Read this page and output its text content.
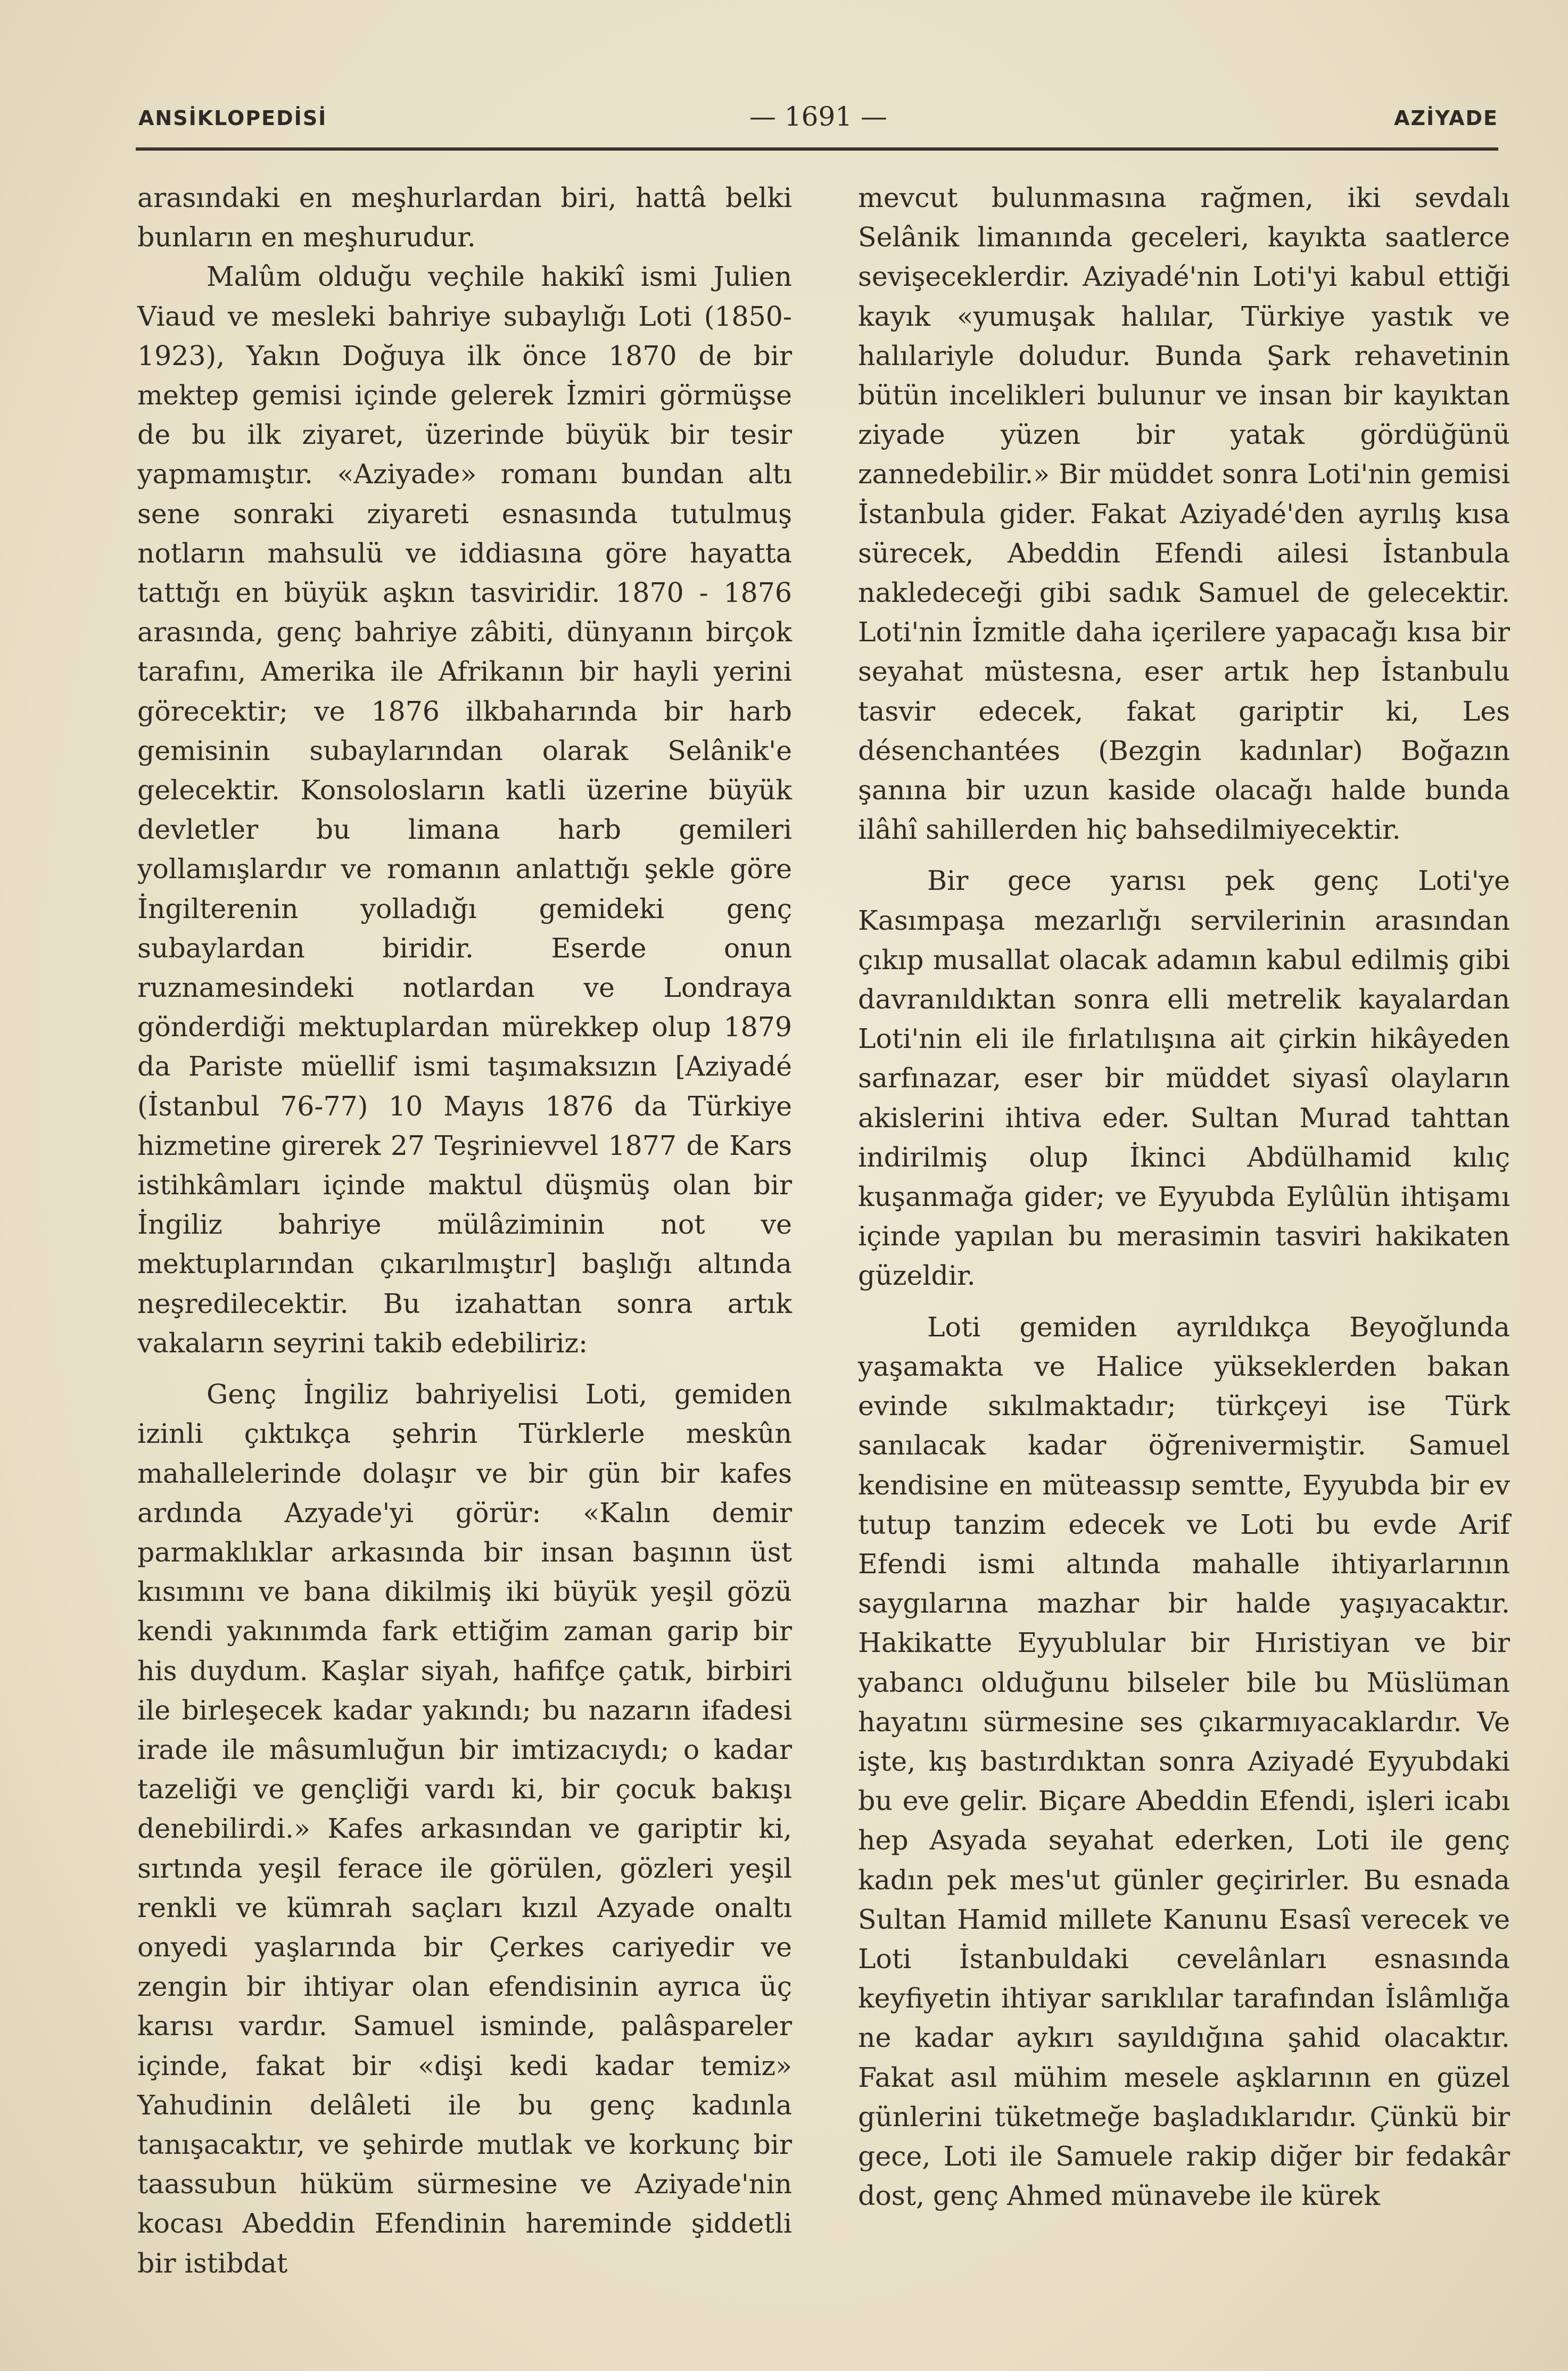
ANSİKLOPEDİSİ	— 1691 —	AZİYADE

arasındaki en meşhurlardan biri, hattâ belki bunların en meşhurudur.

Malûm olduğu veçhile hakikî ismi Julien Viaud ve mesleki bahriye subaylığı Loti (1850-1923), Yakın Doğuya ilk önce 1870 de bir mektep gemisi içinde gelerek İzmiri görmüşse de bu ilk ziyaret, üzerinde büyük bir tesir yapmamıştır. «Aziyade» romanı bundan altı sene sonraki ziyareti esnasında tutulmuş notların mahsulü ve iddiasına göre hayatta tattığı en büyük aşkın tasviridir. 1870 - 1876 arasında, genç bahriye zâbiti, dünyanın birçok tarafını, Amerika ile Afrikanın bir hayli yerini görecektir; ve 1876 ilkbaharında bir harb gemisinin subaylarından olarak Selânik'e gelecektir. Konsolosların katli üzerine büyük devletler bu limana harb gemileri yollamışlardır ve romanın anlattığı şekle göre İngilterenin yolladığı gemideki genç subaylardan biridir. Eserde onun ruznamesindeki notlardan ve Londraya gönderdiği mektuplardan mürekkep olup 1879 da Pariste müellif ismi taşımaksızın [Aziyadé (İstanbul 76-77) 10 Mayıs 1876 da Türkiye hizmetine girerek 27 Teşrinievvel 1877 de Kars istihkâmları içinde maktul düşmüş olan bir İngiliz bahriye mülâziminin not ve mektuplarından çıkarılmıştır] başlığı altında neşredilecektir. Bu izahattan sonra artık vakaların seyrini takib edebiliriz:

Genç İngiliz bahriyelisi Loti, gemiden izinli çıktıkça şehrin Türklerle meskûn mahallelerinde dolaşır ve bir gün bir kafes ardında Azyade'yi görür: «Kalın demir parmaklıklar arkasında bir insan başının üst kısımını ve bana dikilmiş iki büyük yeşil gözü kendi yakınımda fark ettiğim zaman garip bir his duydum. Kaşlar siyah, hafifçe çatık, birbiri ile birleşecek kadar yakındı; bu nazarın ifadesi irade ile mâsumluğun bir imtizacıydı; o kadar tazeliği ve gençliği vardı ki, bir çocuk bakışı denebilirdi.» Kafes arkasından ve gariptir ki, sırtında yeşil ferace ile görülen, gözleri yeşil renkli ve kümrah saçları kızıl Azyade onaltı onyedi yaşlarında bir Çerkes cariyedir ve zengin bir ihtiyar olan efendisinin ayrıca üç karısı vardır. Samuel isminde, palâspareler içinde, fakat bir «dişi kedi kadar temiz» Yahudinin delâleti ile bu genç kadınla tanışacaktır, ve şehirde mutlak ve korkunç bir taassubun hüküm sürmesine ve Aziyade'nin kocası Abeddin Efendinin hareminde şiddetli bir istibdat

mevcut bulunmasına rağmen, iki sevdalı Selânik limanında geceleri, kayıkta saatlerce sevişeceklerdir. Aziyadé'nin Loti'yi kabul ettiği kayık «yumuşak halılar, Türkiye yastık ve halılariyle doludur. Bunda Şark rehavetinin bütün incelikleri bulunur ve insan bir kayıktan ziyade yüzen bir yatak gördüğünü zannedebilir.» Bir müddet sonra Loti'nin gemisi İstanbula gider. Fakat Aziyadé'den ayrılış kısa sürecek, Abeddin Efendi ailesi İstanbula nakledeceği gibi sadık Samuel de gelecektir. Loti'nin İzmitle daha içerilere yapacağı kısa bir seyahat müstesna, eser artık hep İstanbulu tasvir edecek, fakat gariptir ki, Les désenchantées (Bezgin kadınlar) Boğazın şanına bir uzun kaside olacağı halde bunda ilâhî sahillerden hiç bahsedilmiyecektir.

Bir gece yarısı pek genç Loti'ye Kasımpaşa mezarlığı servilerinin arasından çıkıp musallat olacak adamın kabul edilmiş gibi davranıldıktan sonra elli metrelik kayalardan Loti'nin eli ile fırlatılışına ait çirkin hikâyeden sarfınazar, eser bir müddet siyasî olayların akislerini ihtiva eder. Sultan Murad tahttan indirilmiş olup İkinci Abdülhamid kılıç kuşanmağa gider; ve Eyyubda Eylûlün ihtişamı içinde yapılan bu merasimin tasviri hakikaten güzeldir.

Loti gemiden ayrıldıkça Beyoğlunda yaşamakta ve Halice yükseklerden bakan evinde sıkılmaktadır; türkçeyi ise Türk sanılacak kadar öğrenivermiştir. Samuel kendisine en müteassıp semtte, Eyyubda bir ev tutup tanzim edecek ve Loti bu evde Arif Efendi ismi altında mahalle ihtiyarlarının saygılarına mazhar bir halde yaşıyacaktır. Hakikatte Eyyublular bir Hıristiyan ve bir yabancı olduğunu bilseler bile bu Müslüman hayatını sürmesine ses çıkarmıyacaklardır. Ve işte, kış bastırdıktan sonra Aziyadé Eyyubdaki bu eve gelir. Biçare Abeddin Efendi, işleri icabı hep Asyada seyahat ederken, Loti ile genç kadın pek mes'ut günler geçirirler. Bu esnada Sultan Hamid millete Kanunu Esasî verecek ve Loti İstanbuldaki cevelânları esnasında keyfiyetin ihtiyar sarıklılar tarafından İslâmlığa ne kadar aykırı sayıldığına şahid olacaktır. Fakat asıl mühim mesele aşklarının en güzel günlerini tüketmeğe başladıklarıdır. Çünkü bir gece, Loti ile Samuele rakip diğer bir fedakâr dost, genç Ahmed münavebe ile kürek
